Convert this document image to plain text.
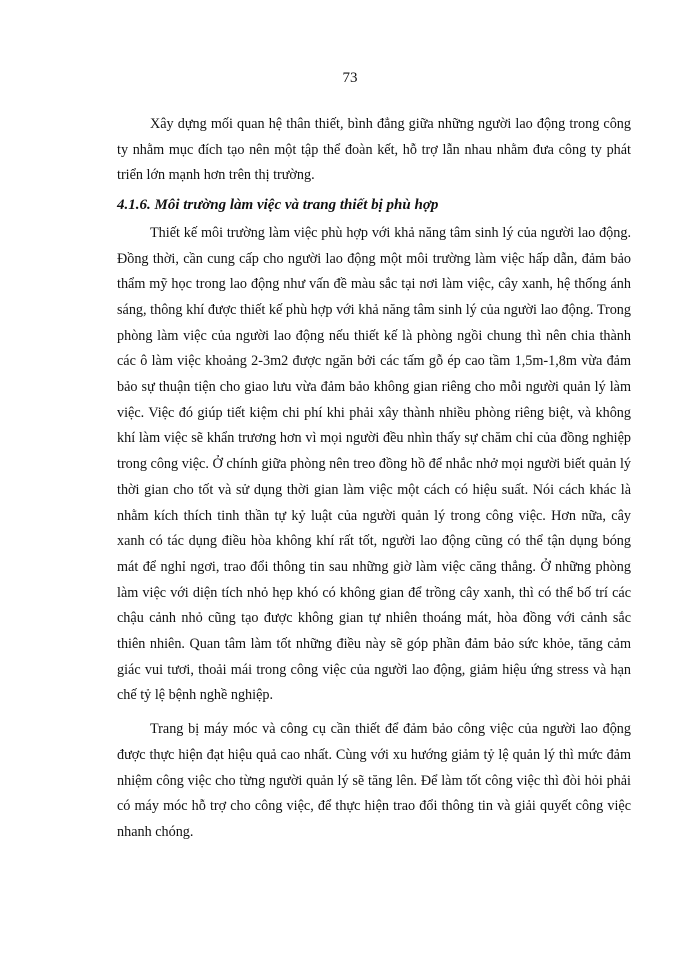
73

Xây dựng mối quan hệ thân thiết, bình đẳng giữa những người lao động trong công ty nhằm mục đích tạo nên một tập thể đoàn kết, hỗ trợ lẫn nhau nhằm đưa công ty phát triển lớn mạnh hơn trên thị trường.

4.1.6. Môi trường làm việc và trang thiết bị phù hợp

Thiết kế môi trường làm việc phù hợp với khả năng tâm sinh lý của người lao động. Đồng thời, cần cung cấp cho người lao động một môi trường làm việc hấp dẫn, đảm bảo thẩm mỹ học trong lao động như vấn đề màu sắc tại nơi làm việc, cây xanh, hệ thống ánh sáng, thông khí được thiết kế phù hợp với khả năng tâm sinh lý của người lao động. Trong phòng làm việc của người lao động nếu thiết kế là phòng ngồi chung thì nên chia thành các ô làm việc khoảng 2-3m2 được ngăn bởi các tấm gỗ ép cao tầm 1,5m-1,8m vừa đảm bảo sự thuận tiện cho giao lưu vừa đảm bảo không gian riêng cho mỗi người quản lý làm việc. Việc đó giúp tiết kiệm chi phí khi phải xây thành nhiều phòng riêng biệt, và không khí làm việc sẽ khẩn trương hơn vì mọi người đều nhìn thấy sự chăm chỉ của đồng nghiệp trong công việc. Ở chính giữa phòng nên treo đồng hồ để nhắc nhở mọi người biết quản lý thời gian cho tốt và sử dụng thời gian làm việc một cách có hiệu suất. Nói cách khác là nhằm kích thích tinh thần tự kỷ luật của người quản lý trong công việc. Hơn nữa, cây xanh có tác dụng điều hòa không khí rất tốt, người lao động cũng có thể tận dụng bóng mát để nghỉ ngơi, trao đổi thông tin sau những giờ làm việc căng thẳng. Ở những phòng làm việc với diện tích nhỏ hẹp khó có không gian để trồng cây xanh, thì có thể bố trí các chậu cảnh nhỏ cũng tạo được không gian tự nhiên thoáng mát, hòa đồng với cảnh sắc thiên nhiên. Quan tâm làm tốt những điều này sẽ góp phần đảm bảo sức khỏe, tăng cảm giác vui tươi, thoải mái trong công việc của người lao động, giảm hiệu ứng stress và hạn chế tỷ lệ bệnh nghề nghiệp.

Trang bị máy móc và công cụ cần thiết để đảm bảo công việc của người lao động được thực hiện đạt hiệu quả cao nhất. Cùng với xu hướng giảm tỷ lệ quản lý thì mức đảm nhiệm công việc cho từng người quản lý sẽ tăng lên. Để làm tốt công việc thì đòi hỏi phải có máy móc hỗ trợ cho công việc, để thực hiện trao đổi thông tin và giải quyết công việc nhanh chóng.
